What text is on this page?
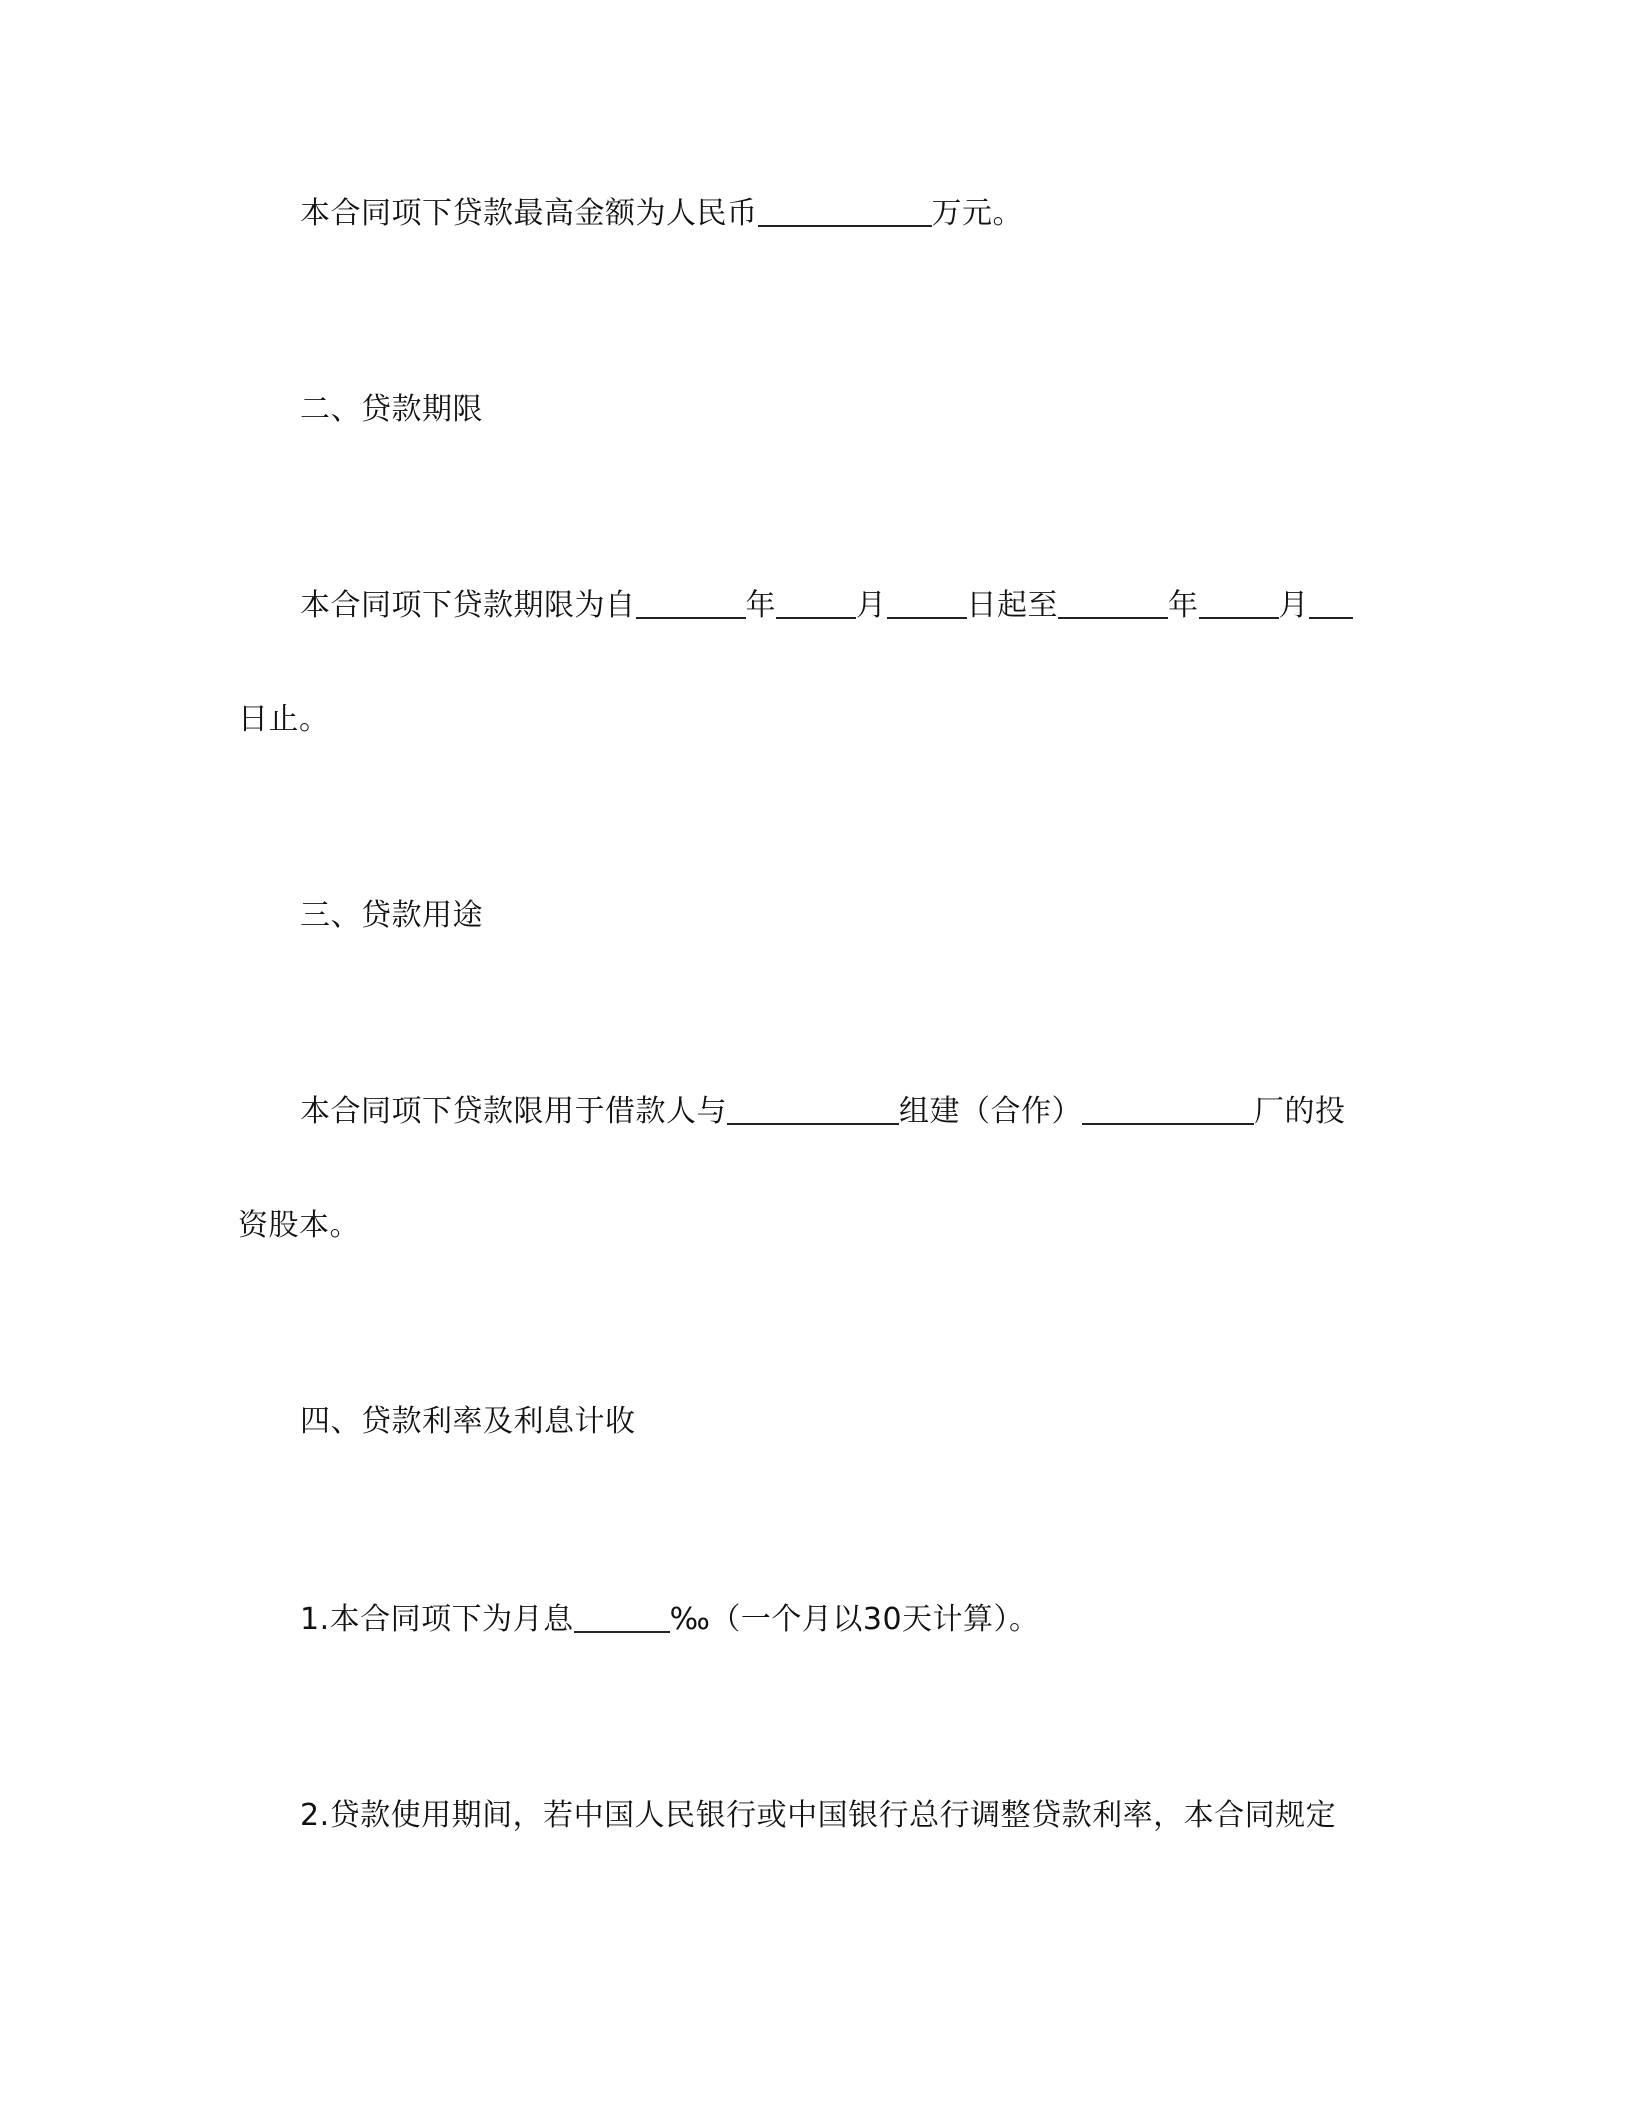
本合同项下贷款最高金额为人民币	万元。
二、贷款期限
本合同项下贷款期限为自	年	月	日起至	年	月
日止。
三、贷款用途
本合同项下贷款限用于借款人与	组建（合作）	厂的投
资股本。
四、贷款利率及利息计收
1.本合同项下为月息	‰（一个月以30天计算）。
2.贷款使用期间，若中国人民银行或中国银行总行调整贷款利率，本合同规定
